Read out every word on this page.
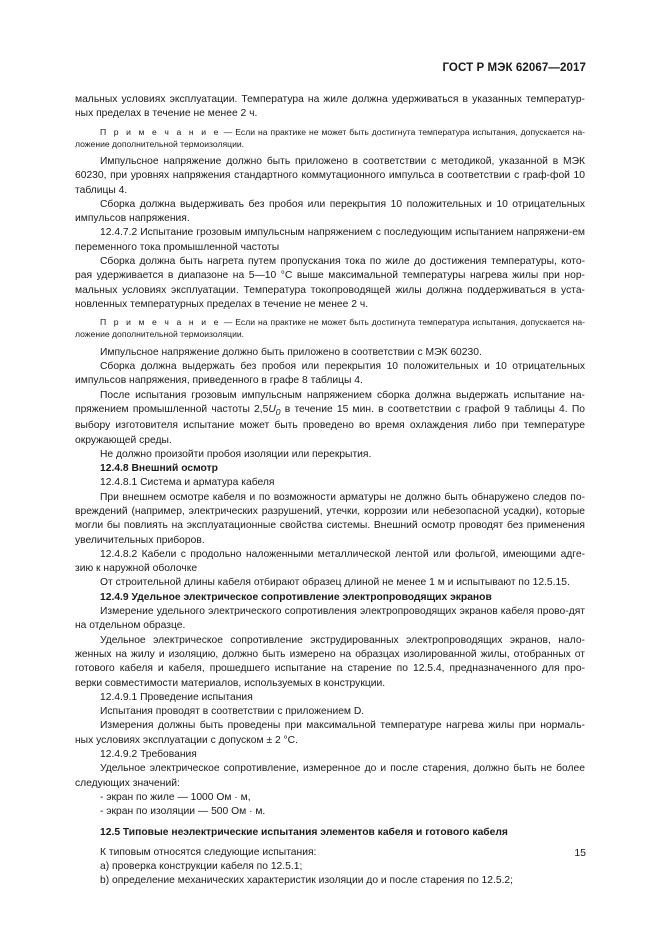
ГОСТ Р МЭК 62067—2017

мальных условиях эксплуатации. Температура на жиле должна удерживаться в указанных температур-ных пределах в течение не менее 2 ч.

П р и м е ч а н и е — Если на практике не может быть достигнута температура испытания, допускается на-ложение дополнительной термоизоляции.

Импульсное напряжение должно быть приложено в соответствии с методикой, указанной в МЭК 60230, при уровнях напряжения стандартного коммутационного импульса в соответствии с граф-фой 10 таблицы 4.

Сборка должна выдерживать без пробоя или перекрытия 10 положительных и 10 отрицательных импульсов напряжения.

12.4.7.2 Испытание грозовым импульсным напряжением с последующим испытанием напряжени-ем переменного тока промышленной частоты

Сборка должна быть нагрета путем пропускания тока по жиле до достижения температуры, кото-рая удерживается в диапазоне на 5—10 °С выше максимальной температуры нагрева жилы при нор-мальных условиях эксплуатации. Температура токопроводящей жилы должна поддерживаться в уста-новленных температурных пределах в течение не менее 2 ч.

П р и м е ч а н и е — Если на практике не может быть достигнута температура испытания, допускается на-ложение дополнительной термоизоляции.

Импульсное напряжение должно быть приложено в соответствии с МЭК 60230.

Сборка должна выдержать без пробоя или перекрытия 10 положительных и 10 отрицательных импульсов напряжения, приведенного в графе 8 таблицы 4.

После испытания грозовым импульсным напряжением сборка должна выдержать испытание на-пряжением промышленной частоты $2,5U_0$ в течение 15 мин. в соответствии с графой 9 таблицы 4. По выбору изготовителя испытание может быть проведено во время охлаждения либо при температуре окружающей среды.

Не должно произойти пробоя изоляции или перекрытия.

12.4.8 Внешний осмотр

12.4.8.1 Система и арматура кабеля

При внешнем осмотре кабеля и по возможности арматуры не должно быть обнаружено следов по-вреждений (например, электрических разрушений, утечки, коррозии или небезопасной усадки), которые могли бы повлиять на эксплуатационные свойства системы. Внешний осмотр проводят без применения увеличительных приборов.

12.4.8.2 Кабели с продольно наложенными металлической лентой или фольгой, имеющими адге-зию к наружной оболочке

От строительной длины кабеля отбирают образец длиной не менее 1 м и испытывают по 12.5.15.

12.4.9 Удельное электрическое сопротивление электропроводящих экранов

Измерение удельного электрического сопротивления электропроводящих экранов кабеля прово-дят на отдельном образце.

Удельное электрическое сопротивление экструдированных электропроводящих экранов, нало-женных на жилу и изоляцию, должно быть измерено на образцах изолированной жилы, отобранных от готового кабеля и кабеля, прошедшего испытание на старение по 12.5.4, предназначенного для про-верки совместимости материалов, используемых в конструкции.

12.4.9.1 Проведение испытания

Испытания проводят в соответствии с приложением D.

Измерения должны быть проведены при максимальной температуре нагрева жилы при нормаль-ных условиях эксплуатации с допуском ± 2 °С.

12.4.9.2 Требования

Удельное электрическое сопротивление, измеренное до и после старения, должно быть не более следующих значений:

- экран по жиле — 1000 Ом · м,

- экран по изоляции — 500 Ом · м.

12.5 Типовые неэлектрические испытания элементов кабеля и готового кабеля

К типовым относятся следующие испытания:

a) проверка конструкции кабеля по 12.5.1;

b) определение механических характеристик изоляции до и после старения по 12.5.2;

15
